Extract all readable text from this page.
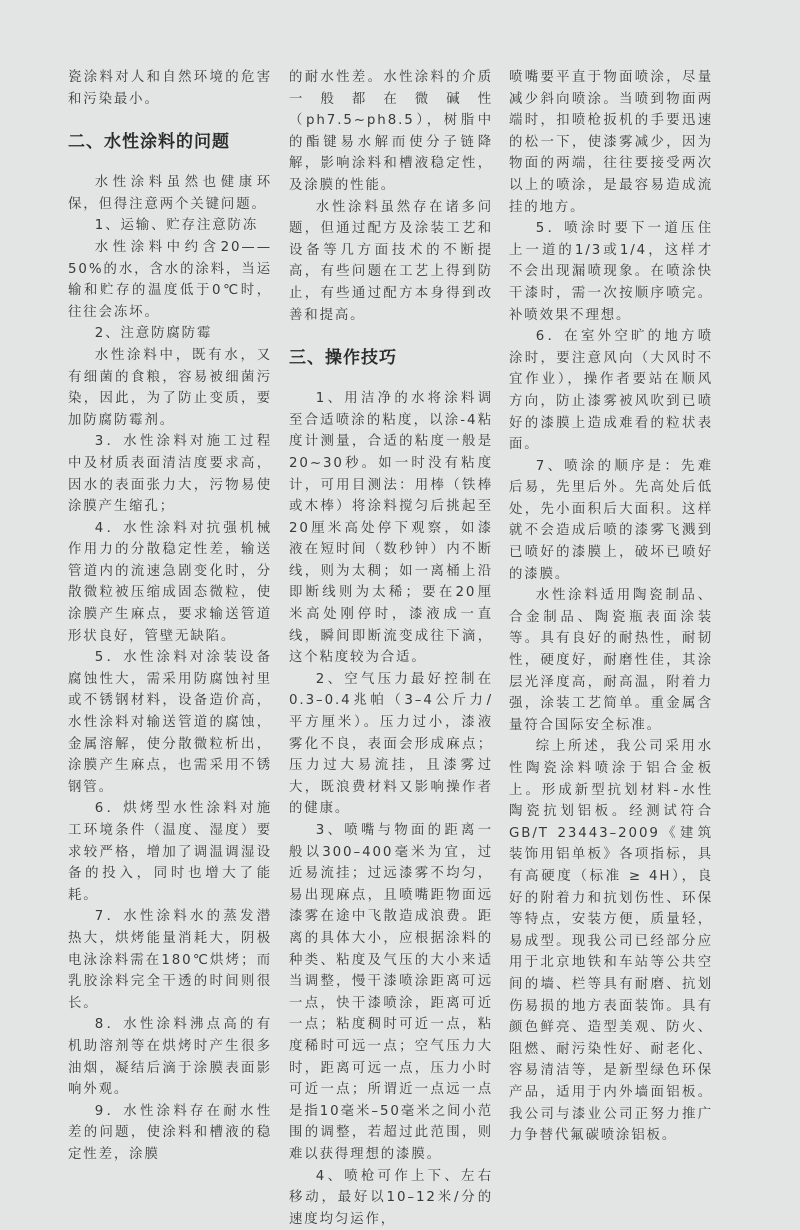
瓷涂料对人和自然环境的危害和污染最小。

二、水性涂料的问题

水性涂料虽然也健康环保，但得注意两个关键问题。

1、运输、贮存注意防冻

水性涂料中约含20——50%的水，含水的涂料，当运输和贮存的温度低于0℃时，往往会冻坏。

2、注意防腐防霉

水性涂料中，既有水，又有细菌的食粮，容易被细菌污染，因此，为了防止变质，要加防腐防霉剂。

3．水性涂料对施工过程中及材质表面清洁度要求高，因水的表面张力大，污物易使涂膜产生缩孔；

4．水性涂料对抗强机械作用力的分散稳定性差，输送管道内的流速急剧变化时，分散微粒被压缩成固态微粒，使涂膜产生麻点，要求输送管道形状良好，管壁无缺陷。

5．水性涂料对涂装设备腐蚀性大，需采用防腐蚀衬里或不锈钢材料，设备造价高，水性涂料对输送管道的腐蚀，金属溶解，使分散微粒析出，涂膜产生麻点，也需采用不锈钢管。

6．烘烤型水性涂料对施工环境条件（温度、湿度）要求较严格，增加了调温调湿设备的投入，同时也增大了能耗。

7．水性涂料水的蒸发潜热大，烘烤能量消耗大，阴极电泳涂料需在180℃烘烤；而乳胶涂料完全干透的时间则很长。

8．水性涂料沸点高的有机助溶剂等在烘烤时产生很多油烟，凝结后滴于涂膜表面影响外观。

9．水性涂料存在耐水性差的问题，使涂料和槽液的稳定性差，涂膜

的耐水性差。水性涂料的介质一般都在微碱性（ph7.5~ph8.5），树脂中的酯键易水解而使分子链降解，影响涂料和槽液稳定性，及涂膜的性能。

水性涂料虽然存在诸多问题，但通过配方及涂装工艺和设备等几方面技术的不断提高，有些问题在工艺上得到防止，有些通过配方本身得到改善和提高。

三、操作技巧

1、用洁净的水将涂料调至合适喷涂的粘度，以涂-4粘度计测量，合适的粘度一般是20~30秒。如一时没有粘度计，可用目测法：用棒（铁棒或木棒）将涂料搅匀后挑起至20厘米高处停下观察，如漆液在短时间（数秒钟）内不断线，则为太稠；如一离桶上沿即断线则为太稀；要在20厘米高处刚停时，漆液成一直线，瞬间即断流变成往下滴，这个粘度较为合适。

2、空气压力最好控制在0.3–0.4兆帕（3–4公斤力/平方厘米）。压力过小，漆液雾化不良，表面会形成麻点；压力过大易流挂，且漆雾过大，既浪费材料又影响操作者的健康。

3、喷嘴与物面的距离一般以300–400毫米为宜，过近易流挂；过远漆雾不均匀，易出现麻点，且喷嘴距物面远漆雾在途中飞散造成浪费。距离的具体大小，应根据涂料的种类、粘度及气压的大小来适当调整，慢干漆喷涂距离可远一点，快干漆喷涂，距离可近一点；粘度稠时可近一点，粘度稀时可远一点；空气压力大时，距离可远一点，压力小时可近一点；所谓近一点远一点是指10毫米–50毫米之间小范围的调整，若超过此范围，则难以获得理想的漆膜。

4、喷枪可作上下、左右移动，最好以10–12米/分的速度均匀运作，

喷嘴要平直于物面喷涂，尽量减少斜向喷涂。当喷到物面两端时，扣喷枪扳机的手要迅速的松一下，使漆雾减少，因为物面的两端，往往要接受两次以上的喷涂，是最容易造成流挂的地方。

5．喷涂时要下一道压住上一道的1/3或1/4，这样才不会出现漏喷现象。在喷涂快干漆时，需一次按顺序喷完。补喷效果不理想。

6．在室外空旷的地方喷涂时，要注意风向（大风时不宜作业），操作者要站在顺风方向，防止漆雾被风吹到已喷好的漆膜上造成难看的粒状表面。

7、喷涂的顺序是：先难后易，先里后外。先高处后低处，先小面积后大面积。这样就不会造成后喷的漆雾飞溅到已喷好的漆膜上，破坏已喷好的漆膜。

水性涂料适用陶瓷制品、合金制品、陶瓷瓶表面涂装等。具有良好的耐热性，耐韧性，硬度好，耐磨性佳，其涂层光泽度高，耐高温，附着力强，涂装工艺简单。重金属含量符合国际安全标准。

综上所述，我公司采用水性陶瓷涂料喷涂于铝合金板上。形成新型抗划材料-水性陶瓷抗划铝板。经测试符合GB/T 23443–2009《建筑装饰用铝单板》各项指标，具有高硬度（标准 ≥ 4H），良好的附着力和抗划伤性、环保等特点，安装方便，质量轻，易成型。现我公司已经部分应用于北京地铁和车站等公共空间的墙、栏等具有耐磨、抗划伤易损的地方表面装饰。具有颜色鲜亮、造型美观、防火、阻燃、耐污染性好、耐老化、容易清洁等，是新型绿色环保产品，适用于内外墙面铝板。我公司与漆业公司正努力推广力争替代氟碳喷涂铝板。
